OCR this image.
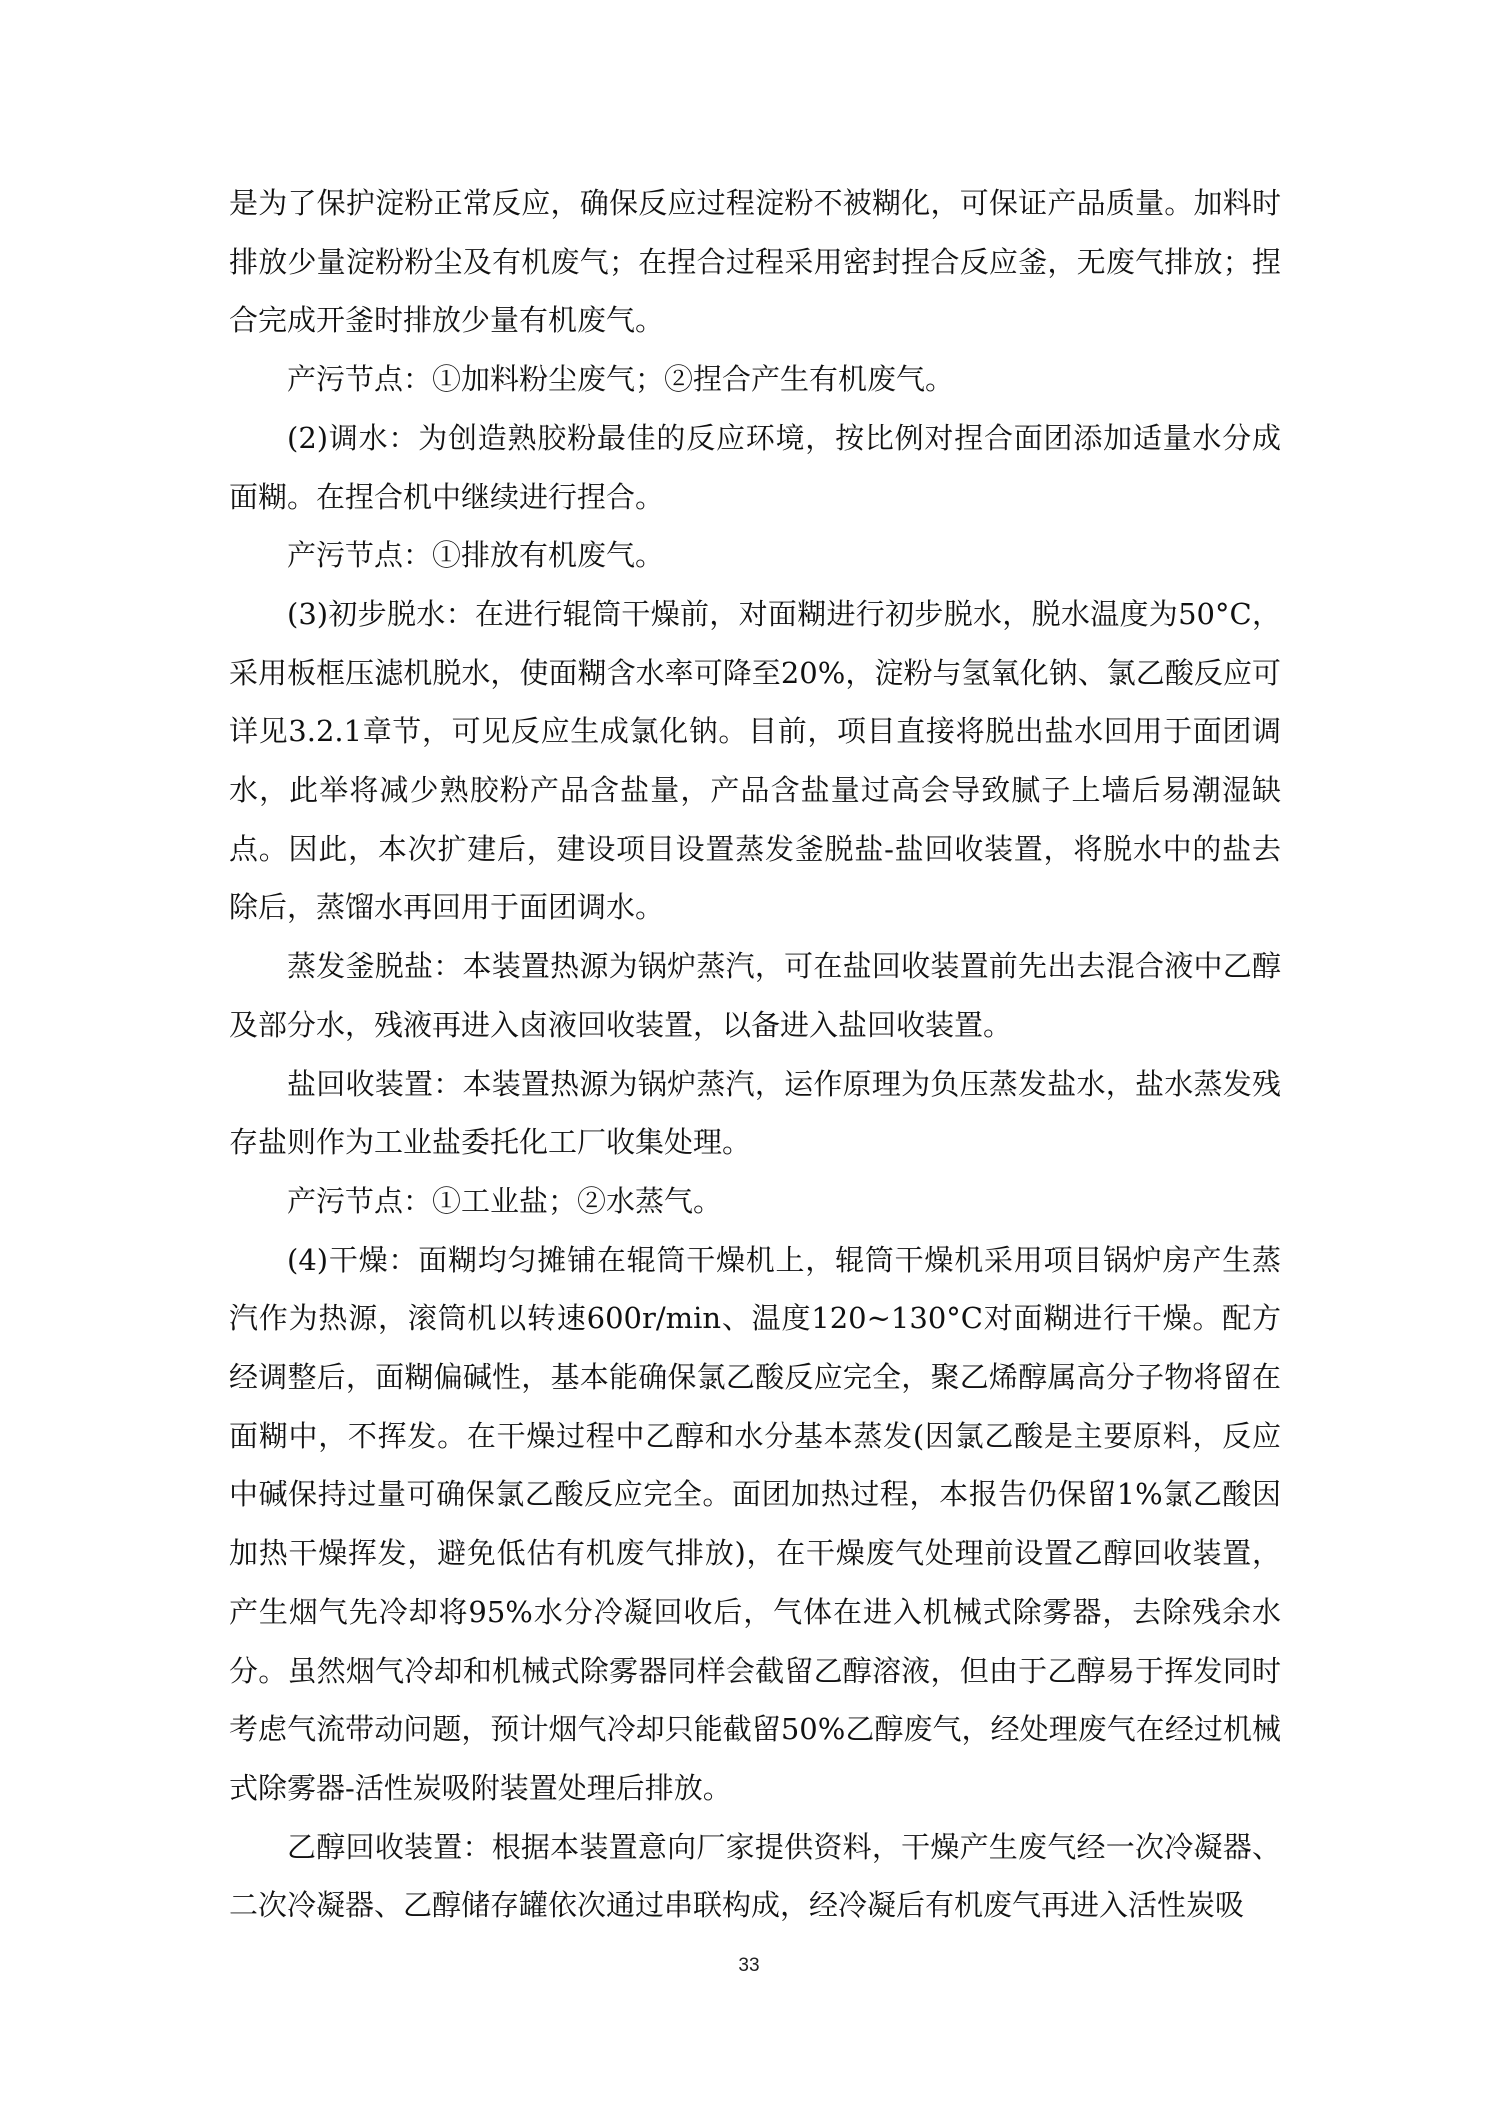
是为了保护淀粉正常反应，确保反应过程淀粉不被糊化，可保证产品质量。加料时排放少量淀粉粉尘及有机废气；在捏合过程采用密封捏合反应釜，无废气排放；捏合完成开釜时排放少量有机废气。

产污节点：①加料粉尘废气；②捏合产生有机废气。

(2)调水：为创造熟胶粉最佳的反应环境，按比例对捏合面团添加适量水分成面糊。在捏合机中继续进行捏合。

产污节点：①排放有机废气。

(3)初步脱水：在进行辊筒干燥前，对面糊进行初步脱水，脱水温度为50°C，采用板框压滤机脱水，使面糊含水率可降至20%，淀粉与氢氧化钠、氯乙酸反应可详见3.2.1章节，可见反应生成氯化钠。目前，项目直接将脱出盐水回用于面团调水，此举将减少熟胶粉产品含盐量，产品含盐量过高会导致腻子上墙后易潮湿缺点。因此，本次扩建后，建设项目设置蒸发釜脱盐-盐回收装置，将脱水中的盐去除后，蒸馏水再回用于面团调水。

蒸发釜脱盐：本装置热源为锅炉蒸汽，可在盐回收装置前先出去混合液中乙醇及部分水，残液再进入卤液回收装置，以备进入盐回收装置。

盐回收装置：本装置热源为锅炉蒸汽，运作原理为负压蒸发盐水，盐水蒸发残存盐则作为工业盐委托化工厂收集处理。

产污节点：①工业盐；②水蒸气。

(4)干燥：面糊均匀摊铺在辊筒干燥机上，辊筒干燥机采用项目锅炉房产生蒸汽作为热源，滚筒机以转速600r/min、温度120~130°C对面糊进行干燥。配方经调整后，面糊偏碱性，基本能确保氯乙酸反应完全，聚乙烯醇属高分子物将留在面糊中，不挥发。在干燥过程中乙醇和水分基本蒸发(因氯乙酸是主要原料，反应中碱保持过量可确保氯乙酸反应完全。面团加热过程，本报告仍保留1%氯乙酸因加热干燥挥发，避免低估有机废气排放)，在干燥废气处理前设置乙醇回收装置，产生烟气先冷却将95%水分冷凝回收后，气体在进入机械式除雾器，去除残余水分。虽然烟气冷却和机械式除雾器同样会截留乙醇溶液，但由于乙醇易于挥发同时考虑气流带动问题，预计烟气冷却只能截留50%乙醇废气，经处理废气在经过机械式除雾器-活性炭吸附装置处理后排放。

乙醇回收装置：根据本装置意向厂家提供资料，干燥产生废气经一次冷凝器、二次冷凝器、乙醇储存罐依次通过串联构成，经冷凝后有机废气再进入活性炭吸

33
